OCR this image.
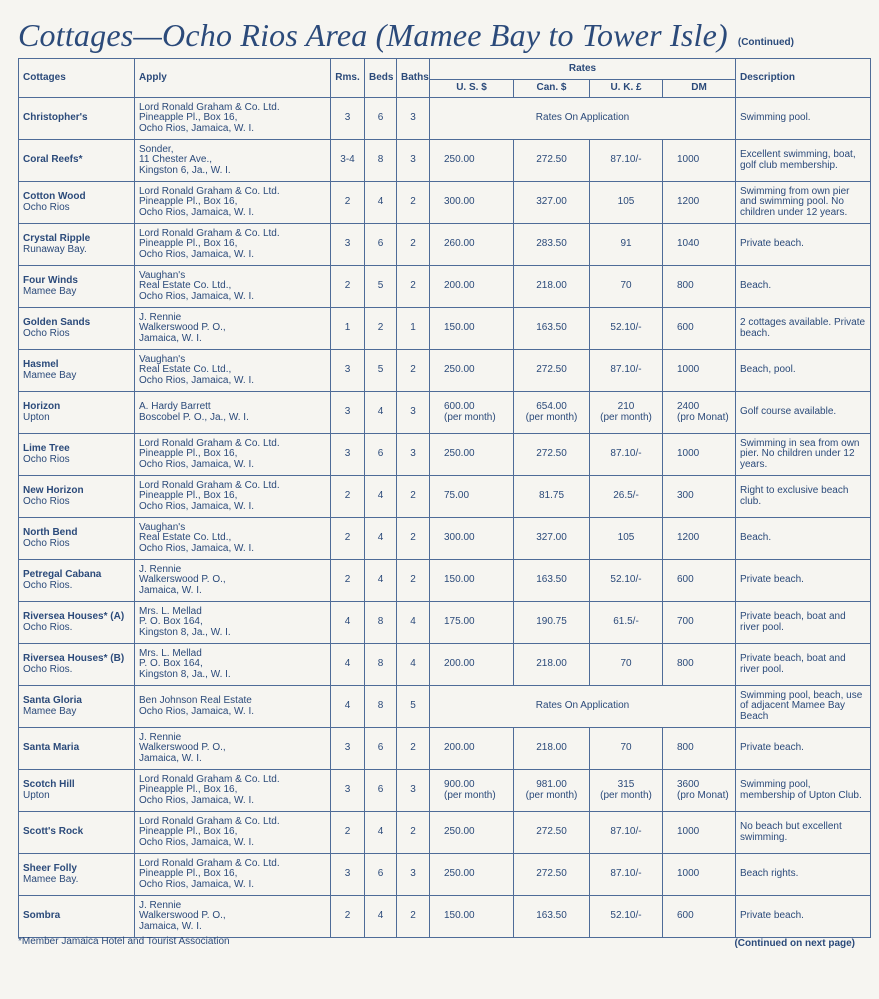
Cottages—Ocho Rios Area (Mamee Bay to Tower Isle) (Continued)
Cottages	Apply	Rms.	Beds	Baths	Rates				Description
					U. S. $	Can. $	U. K. £	DM	
Christopher's	Lord Ronald Graham & Co. Ltd.
Pineapple Pl., Box 16,
Ocho Rios, Jamaica, W. I.	3	6	3	Rates On Application				Swimming pool.
Coral Reefs*	Sonder,
11 Chester Ave.,
Kingston 6, Ja., W. I.	3-4	8	3	250.00	272.50	87.10/-	1000	Excellent swimming, boat, golf club membership.
Cotton Wood
Ocho Rios	Lord Ronald Graham & Co. Ltd.
Pineapple Pl., Box 16,
Ocho Rios, Jamaica, W. I.	2	4	2	300.00	327.00	105	1200	Swimming from own pier and swimming pool. No children under 12 years.
Crystal Ripple
Runaway Bay.	Lord Ronald Graham & Co. Ltd.
Pineapple Pl., Box 16,
Ocho Rios, Jamaica, W. I.	3	6	2	260.00	283.50	91	1040	Private beach.
Four Winds
Mamee Bay	Vaughan's
Real Estate Co. Ltd.,
Ocho Rios, Jamaica, W. I.	2	5	2	200.00	218.00	70	800	Beach.
Golden Sands
Ocho Rios	J. Rennie
Walkerswood P. O.,
Jamaica, W. I.	1	2	1	150.00	163.50	52.10/-	600	2 cottages available. Private beach.
Hasmel
Mamee Bay	Vaughan's
Real Estate Co. Ltd.,
Ocho Rios, Jamaica, W. I.	3	5	2	250.00	272.50	87.10/-	1000	Beach, pool.
Horizon
Upton	A. Hardy Barrett
Boscobel P. O., Ja., W. I.	3	4	3	600.00
(per month)	654.00
(per month)	210
(per month)	2400
(pro Monat)	Golf course available.
Lime Tree
Ocho Rios	Lord Ronald Graham & Co. Ltd.
Pineapple Pl., Box 16,
Ocho Rios, Jamaica, W. I.	3	6	3	250.00	272.50	87.10/-	1000	Swimming in sea from own pier. No children under 12 years.
New Horizon
Ocho Rios	Lord Ronald Graham & Co. Ltd.
Pineapple Pl., Box 16,
Ocho Rios, Jamaica, W. I.	2	4	2	75.00	81.75	26.5/-	300	Right to exclusive beach club.
North Bend
Ocho Rios	Vaughan's
Real Estate Co. Ltd.,
Ocho Rios, Jamaica, W. I.	2	4	2	300.00	327.00	105	1200	Beach.
Petregal Cabana
Ocho Rios.	J. Rennie
Walkerswood P. O.,
Jamaica, W. I.	2	4	2	150.00	163.50	52.10/-	600	Private beach.
Riversea Houses* (A)
Ocho Rios.	Mrs. L. Mellad
P. O. Box 164,
Kingston 8, Ja., W. I.	4	8	4	175.00	190.75	61.5/-	700	Private beach, boat and river pool.
Riversea Houses* (B)
Ocho Rios.	Mrs. L. Mellad
P. O. Box 164,
Kingston 8, Ja., W. I.	4	8	4	200.00	218.00	70	800	Private beach, boat and river pool.
Santa Gloria
Mamee Bay	Ben Johnson Real Estate
Ocho Rios, Jamaica, W. I.	4	8	5	Rates On Application				Swimming pool, beach, use of adjacent Mamee Bay Beach
Santa Maria	J. Rennie
Walkerswood P. O.,
Jamaica, W. I.	3	6	2	200.00	218.00	70	800	Private beach.
Scotch Hill
Upton	Lord Ronald Graham & Co. Ltd.
Pineapple Pl., Box 16,
Ocho Rios, Jamaica, W. I.	3	6	3	900.00
(per month)	981.00
(per month)	315
(per month)	3600
(pro Monat)	Swimming pool, membership of Upton Club.
Scott's Rock	Lord Ronald Graham & Co. Ltd.
Pineapple Pl., Box 16,
Ocho Rios, Jamaica, W. I.	2	4	2	250.00	272.50	87.10/-	1000	No beach but excellent swimming.
Sheer Folly
Mamee Bay.	Lord Ronald Graham & Co. Ltd.
Pineapple Pl., Box 16,
Ocho Rios, Jamaica, W. I.	3	6	3	250.00	272.50	87.10/-	1000	Beach rights.
Sombra	J. Rennie
Walkerswood P. O.,
Jamaica, W. I.	2	4	2	150.00	163.50	52.10/-	600	Private beach.
*Member Jamaica Hotel and Tourist Association	(Continued on next page)
